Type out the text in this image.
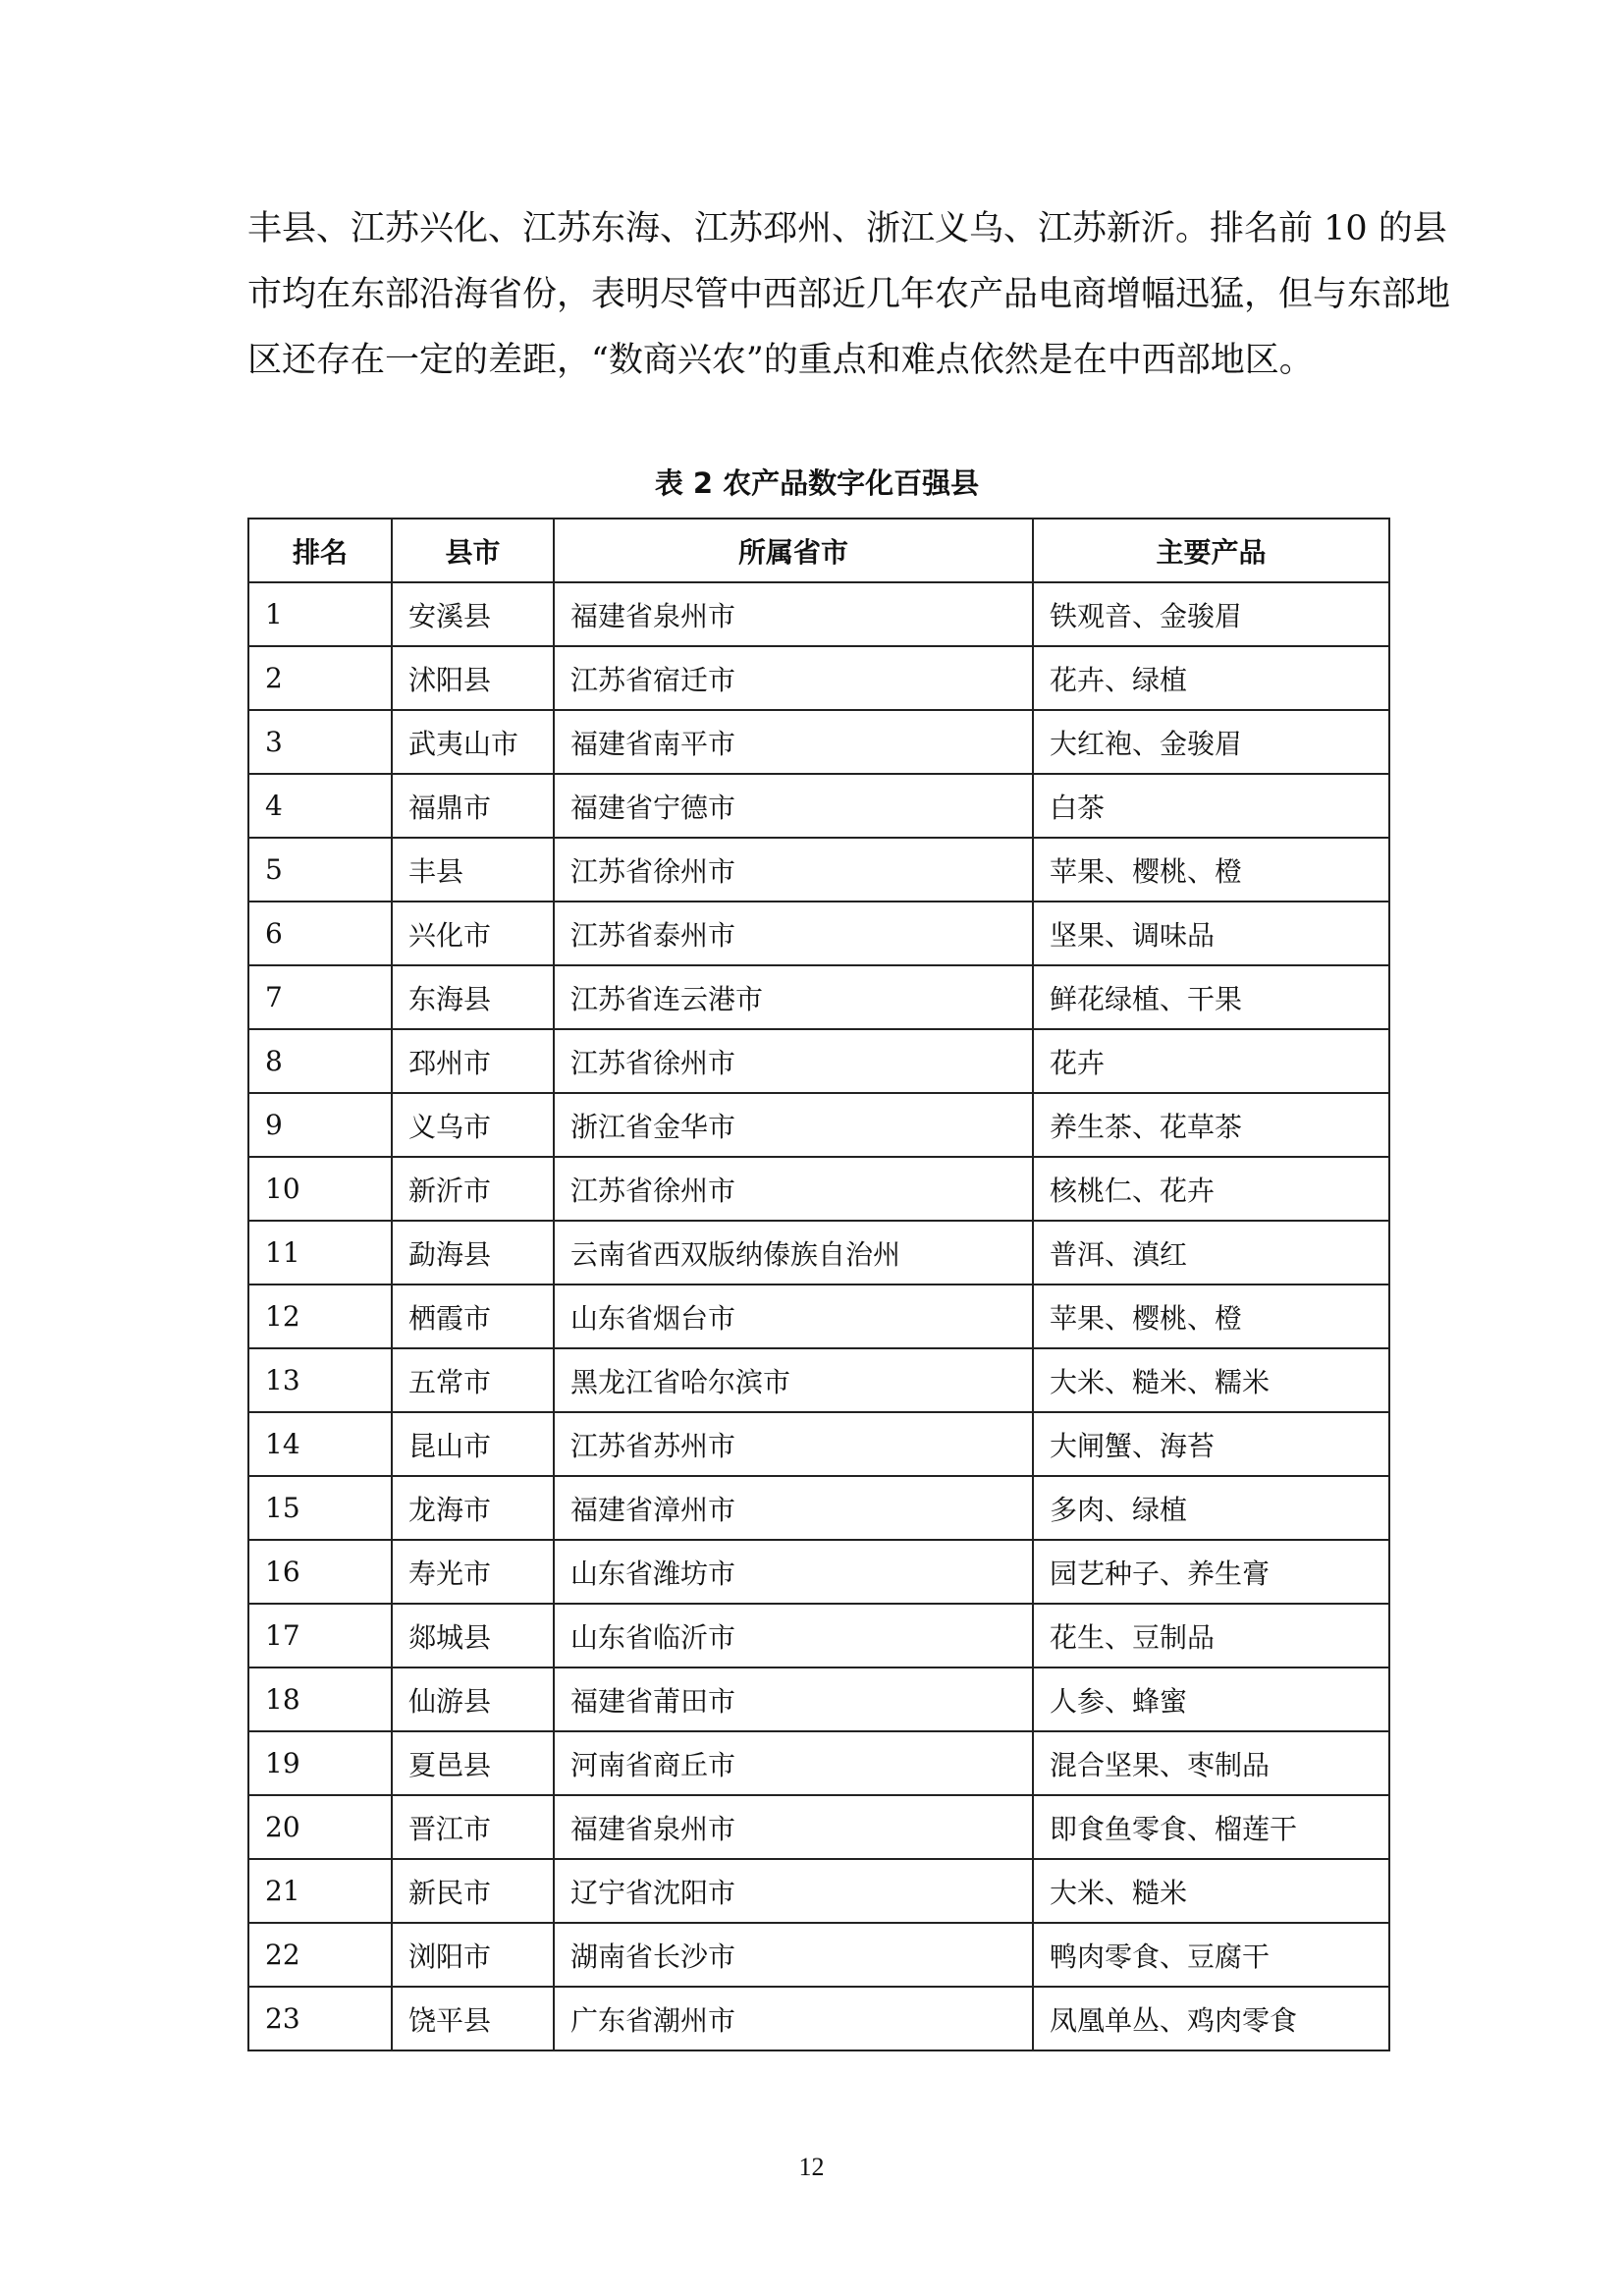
丰县、江苏兴化、江苏东海、江苏邳州、浙江义乌、江苏新沂。排名前 10 的县
市均在东部沿海省份，表明尽管中西部近几年农产品电商增幅迅猛，但与东部地
区还存在一定的差距，“数商兴农”的重点和难点依然是在中西部地区。

表 2 农产品数字化百强县
排名	县市	所属省市	主要产品
1	安溪县	福建省泉州市	铁观音、金骏眉
2	沭阳县	江苏省宿迁市	花卉、绿植
3	武夷山市	福建省南平市	大红袍、金骏眉
4	福鼎市	福建省宁德市	白茶
5	丰县	江苏省徐州市	苹果、樱桃、橙
6	兴化市	江苏省泰州市	坚果、调味品
7	东海县	江苏省连云港市	鲜花绿植、干果
8	邳州市	江苏省徐州市	花卉
9	义乌市	浙江省金华市	养生茶、花草茶
10	新沂市	江苏省徐州市	核桃仁、花卉
11	勐海县	云南省西双版纳傣族自治州	普洱、滇红
12	栖霞市	山东省烟台市	苹果、樱桃、橙
13	五常市	黑龙江省哈尔滨市	大米、糙米、糯米
14	昆山市	江苏省苏州市	大闸蟹、海苔
15	龙海市	福建省漳州市	多肉、绿植
16	寿光市	山东省潍坊市	园艺种子、养生膏
17	郯城县	山东省临沂市	花生、豆制品
18	仙游县	福建省莆田市	人参、蜂蜜
19	夏邑县	河南省商丘市	混合坚果、枣制品
20	晋江市	福建省泉州市	即食鱼零食、榴莲干
21	新民市	辽宁省沈阳市	大米、糙米
22	浏阳市	湖南省长沙市	鸭肉零食、豆腐干
23	饶平县	广东省潮州市	凤凰单丛、鸡肉零食
12
